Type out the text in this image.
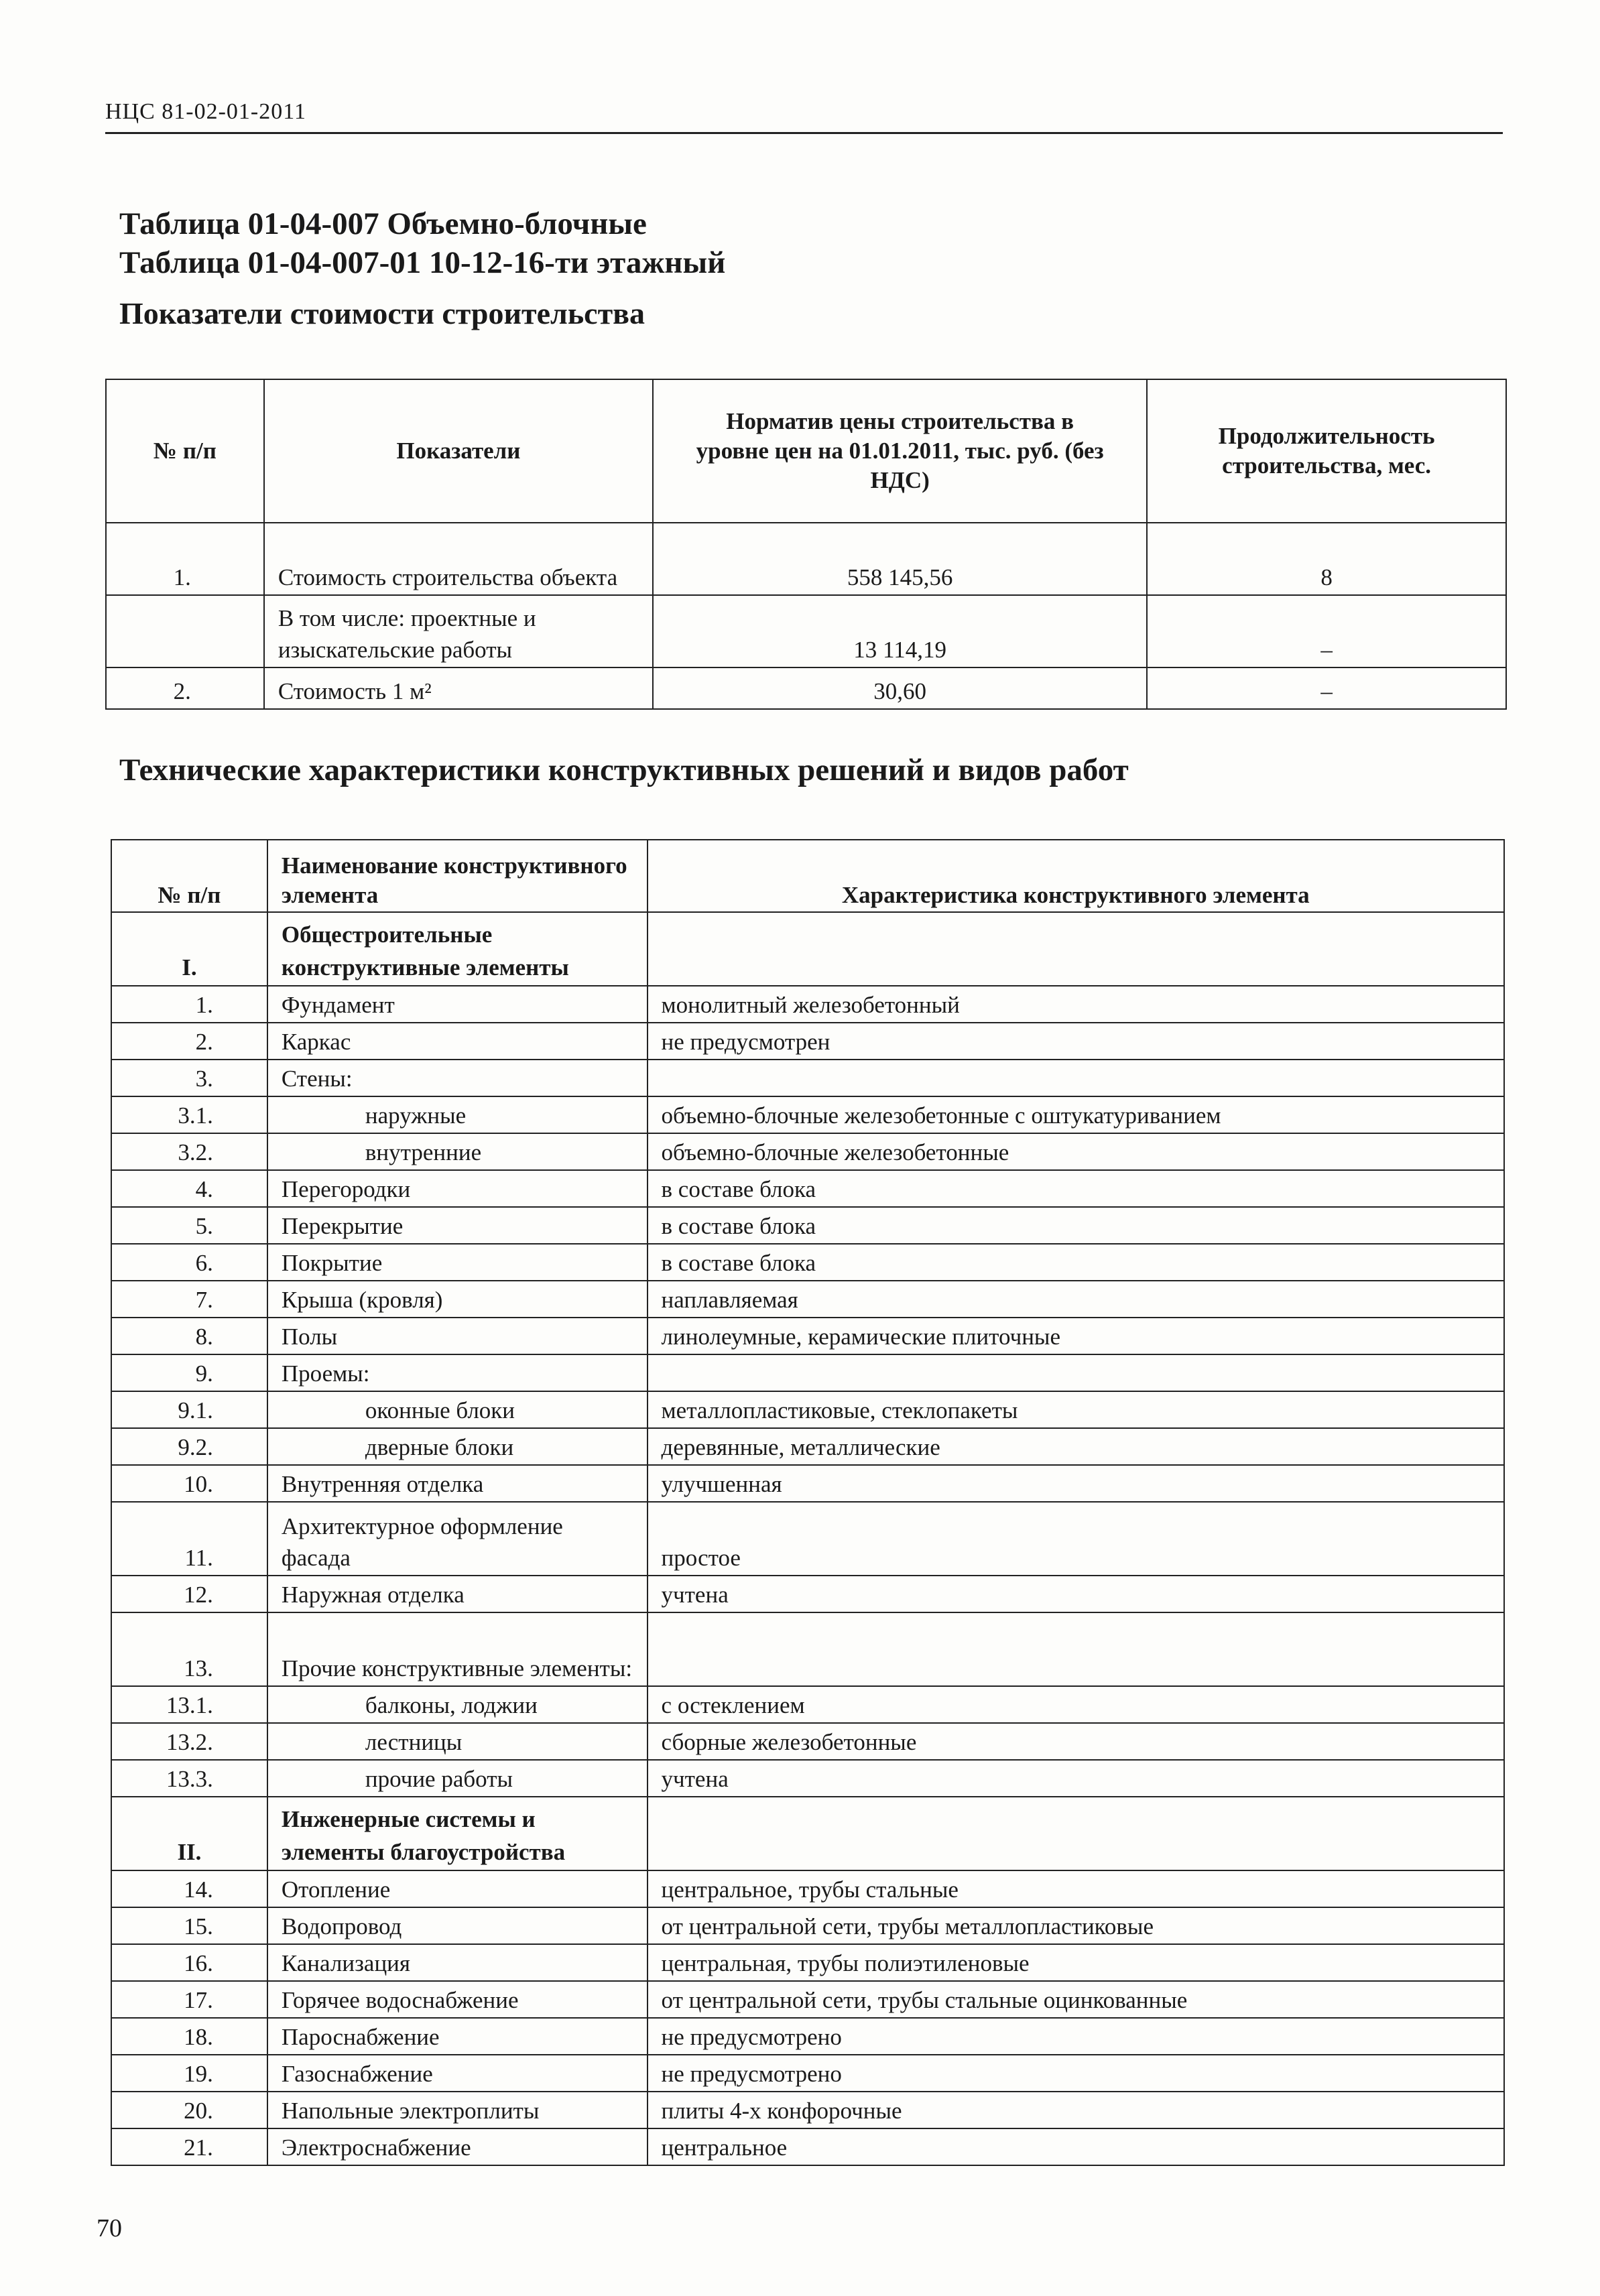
НЦС 81-02-01-2011
Таблица 01-04-007 Объемно-блочные
Таблица 01-04-007-01 10-12-16-ти этажный
Показатели стоимости строительства
№ п/п	Показатели	Норматив цены строительства в уровне цен на 01.01.2011, тыс. руб. (без НДС)	Продолжительность строительства, мес.
1.	Стоимость строительства объекта	558 145,56	8
	В том числе: проектные и изыскательские работы	13 114,19	–
2.	Стоимость 1 м²	30,60	–
Технические характеристики конструктивных решений и видов работ
№ п/п	Наименование конструктивного элемента	Характеристика конструктивного элемента
I.	Общестроительные конструктивные элементы	
1.	Фундамент	монолитный железобетонный
2.	Каркас	не предусмотрен
3.	Стены:	
3.1.	наружные	объемно-блочные железобетонные с оштукатуриванием
3.2.	внутренние	объемно-блочные железобетонные
4.	Перегородки	в составе блока
5.	Перекрытие	в составе блока
6.	Покрытие	в составе блока
7.	Крыша (кровля)	наплавляемая
8.	Полы	линолеумные, керамические плиточные
9.	Проемы:	
9.1.	оконные блоки	металлопластиковые, стеклопакеты
9.2.	дверные блоки	деревянные, металлические
10.	Внутренняя отделка	улучшенная
11.	Архитектурное оформление фасада	простое
12.	Наружная отделка	учтена
13.	Прочие конструктивные элементы:	
13.1.	балконы, лоджии	с остеклением
13.2.	лестницы	сборные железобетонные
13.3.	прочие работы	учтена
II.	Инженерные системы и элементы благоустройства	
14.	Отопление	центральное, трубы стальные
15.	Водопровод	от центральной сети, трубы металлопластиковые
16.	Канализация	центральная, трубы полиэтиленовые
17.	Горячее водоснабжение	от центральной сети, трубы стальные оцинкованные
18.	Пароснабжение	не предусмотрено
19.	Газоснабжение	не предусмотрено
20.	Напольные электроплиты	плиты 4-х конфорочные
21.	Электроснабжение	центральное
70
